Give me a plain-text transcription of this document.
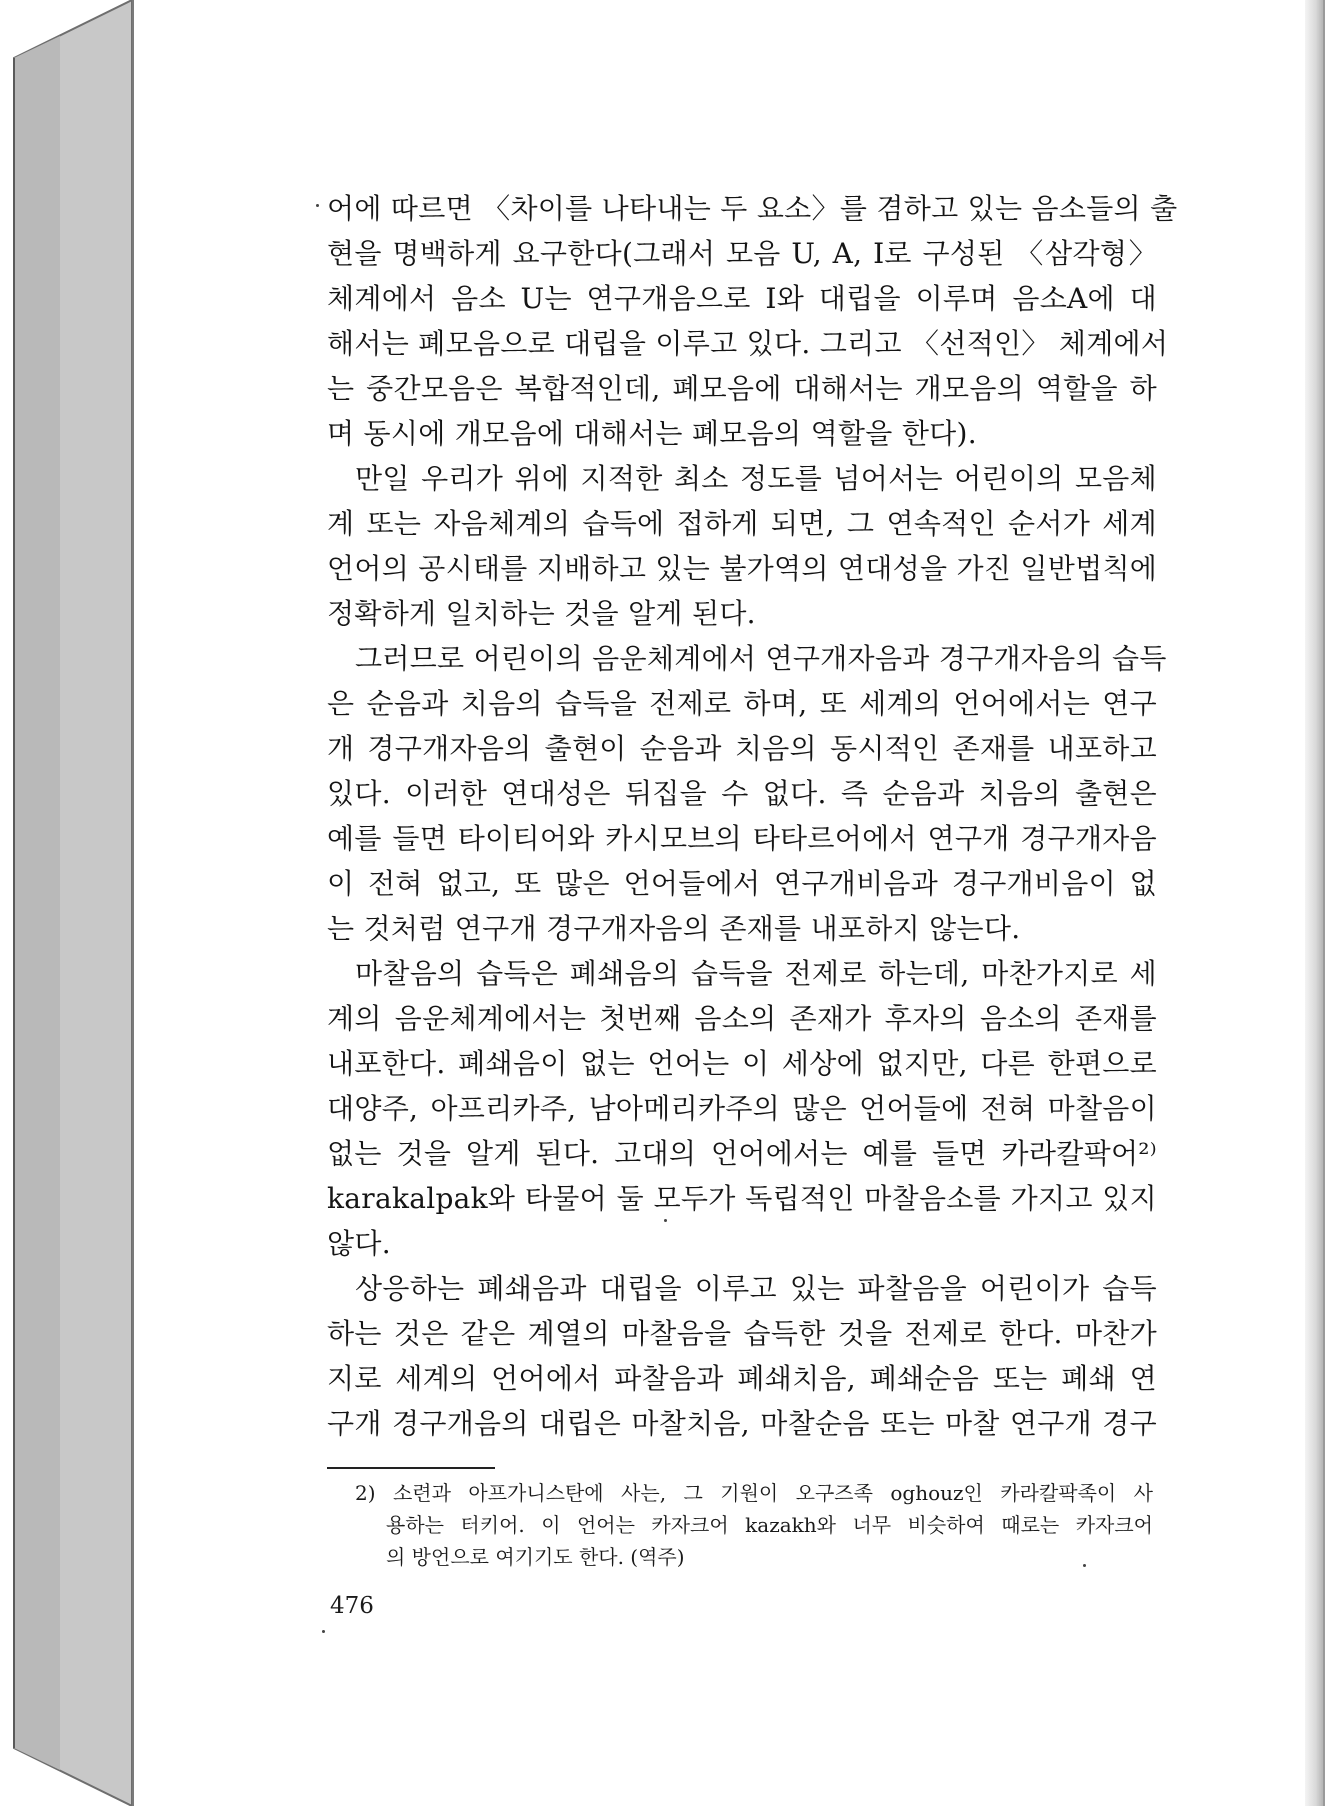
어에 따르면 〈차이를 나타내는 두 요소〉를 겸하고 있는 음소들의 출
현을 명백하게 요구한다(그래서 모음 U, A, I로 구성된 〈삼각형〉
체계에서 음소 U는 연구개음으로 I와 대립을 이루며 음소A에 대
해서는 폐모음으로 대립을 이루고 있다. 그리고 〈선적인〉 체계에서
는 중간모음은 복합적인데, 폐모음에 대해서는 개모음의 역할을 하
며 동시에 개모음에 대해서는 폐모음의 역할을 한다).
만일 우리가 위에 지적한 최소 정도를 넘어서는 어린이의 모음체
계 또는 자음체계의 습득에 접하게 되면, 그 연속적인 순서가 세계
언어의 공시태를 지배하고 있는 불가역의 연대성을 가진 일반법칙에
정확하게 일치하는 것을 알게 된다.
그러므로 어린이의 음운체계에서 연구개자음과 경구개자음의 습득
은 순음과 치음의 습득을 전제로 하며, 또 세계의 언어에서는 연구
개 경구개자음의 출현이 순음과 치음의 동시적인 존재를 내포하고
있다. 이러한 연대성은 뒤집을 수 없다. 즉 순음과 치음의 출현은
예를 들면 타이티어와 카시모브의 타타르어에서 연구개 경구개자음
이 전혀 없고, 또 많은 언어들에서 연구개비음과 경구개비음이 없
는 것처럼 연구개 경구개자음의 존재를 내포하지 않는다.
마찰음의 습득은 폐쇄음의 습득을 전제로 하는데, 마찬가지로 세
계의 음운체계에서는 첫번째 음소의 존재가 후자의 음소의 존재를
내포한다. 폐쇄음이 없는 언어는 이 세상에 없지만, 다른 한편으로
대양주, 아프리카주, 남아메리카주의 많은 언어들에 전혀 마찰음이
없는 것을 알게 된다. 고대의 언어에서는 예를 들면 카라칼팍어²⁾
karakalpak와 타물어 둘 모두가 독립적인 마찰음소를 가지고 있지
않다.
상응하는 폐쇄음과 대립을 이루고 있는 파찰음을 어린이가 습득
하는 것은 같은 계열의 마찰음을 습득한 것을 전제로 한다. 마찬가
지로 세계의 언어에서 파찰음과 폐쇄치음, 폐쇄순음 또는 폐쇄 연
구개 경구개음의 대립은 마찰치음, 마찰순음 또는 마찰 연구개 경구
2) 소련과 아프가니스탄에 사는, 그 기원이 오구즈족 oghouz인 카라칼팍족이 사
용하는 터키어. 이 언어는 카자크어 kazakh와 너무 비슷하여 때로는 카자크어
의 방언으로 여기기도 한다. (역주)
476
